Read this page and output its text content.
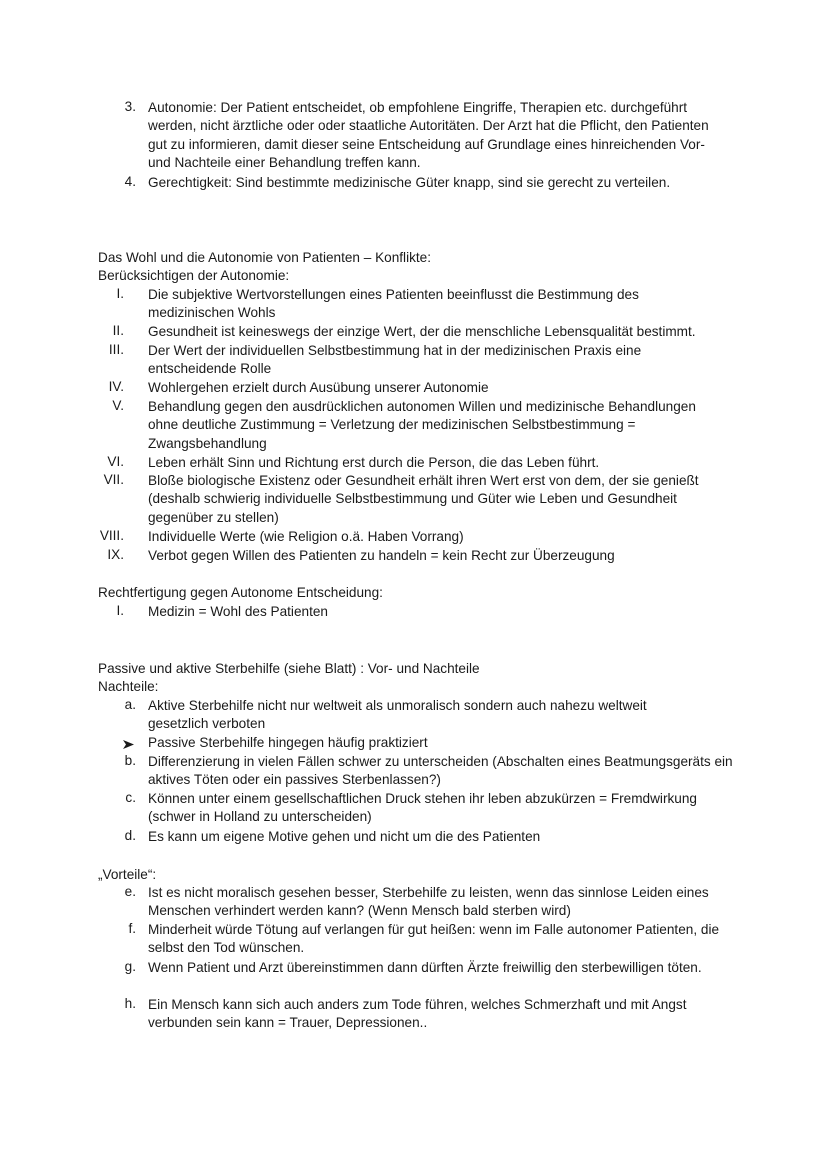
3. Autonomie: Der Patient entscheidet, ob empfohlene Eingriffe, Therapien etc. durchgeführt werden, nicht ärztliche oder oder staatliche Autoritäten. Der Arzt hat die Pflicht, den Patienten gut zu informieren, damit dieser seine Entscheidung auf Grundlage eines hinreichenden Vor- und Nachteile einer Behandlung treffen kann.
4. Gerechtigkeit: Sind bestimmte medizinische Güter knapp, sind sie gerecht zu verteilen.
Das Wohl und die Autonomie von Patienten – Konflikte:
Berücksichtigen der Autonomie:
I. Die subjektive Wertvorstellungen eines Patienten beeinflusst die Bestimmung des medizinischen Wohls
II. Gesundheit ist keineswegs der einzige Wert, der die menschliche Lebensqualität bestimmt.
III. Der Wert der individuellen Selbstbestimmung hat in der medizinischen Praxis eine entscheidende Rolle
IV. Wohlergehen erzielt durch Ausübung unserer Autonomie
V. Behandlung gegen den ausdrücklichen autonomen Willen und medizinische Behandlungen ohne deutliche Zustimmung = Verletzung der medizinischen Selbstbestimmung = Zwangsbehandlung
VI. Leben erhält Sinn und Richtung erst durch die Person, die das Leben führt.
VII. Bloße biologische Existenz oder Gesundheit erhält ihren Wert erst von dem, der sie genießt (deshalb schwierig individuelle Selbstbestimmung und Güter wie Leben und Gesundheit gegenüber zu stellen)
VIII. Individuelle Werte (wie Religion o.ä. Haben Vorrang)
IX. Verbot gegen Willen des Patienten zu handeln = kein Recht zur Überzeugung
Rechtfertigung gegen Autonome Entscheidung:
I. Medizin = Wohl des Patienten
Passive und aktive Sterbehilfe (siehe Blatt) : Vor- und Nachteile
Nachteile:
a. Aktive Sterbehilfe nicht nur weltweit als unmoralisch sondern auch nahezu weltweit gesetzlich verboten
Passive Sterbehilfe hingegen häufig praktiziert
b. Differenzierung in vielen Fällen schwer zu unterscheiden (Abschalten eines Beatmungsgeräts ein aktives Töten oder ein passives Sterbenlassen?)
c. Können unter einem gesellschaftlichen Druck stehen ihr leben abzukürzen = Fremdwirkung (schwer in Holland zu unterscheiden)
d. Es kann um eigene Motive gehen und nicht um die des Patienten
„Vorteile“:
e. Ist es nicht moralisch gesehen besser, Sterbehilfe zu leisten, wenn das sinnlose Leiden eines Menschen verhindert werden kann? (Wenn Mensch bald sterben wird)
f. Minderheit würde Tötung auf verlangen für gut heißen: wenn im Falle autonomer Patienten, die selbst den Tod wünschen.
g. Wenn Patient und Arzt übereinstimmen dann dürften Ärzte freiwillig den sterbewilligen töten.
h. Ein Mensch kann sich auch anders zum Tode führen, welches Schmerzhaft und mit Angst verbunden sein kann = Trauer, Depressionen..
